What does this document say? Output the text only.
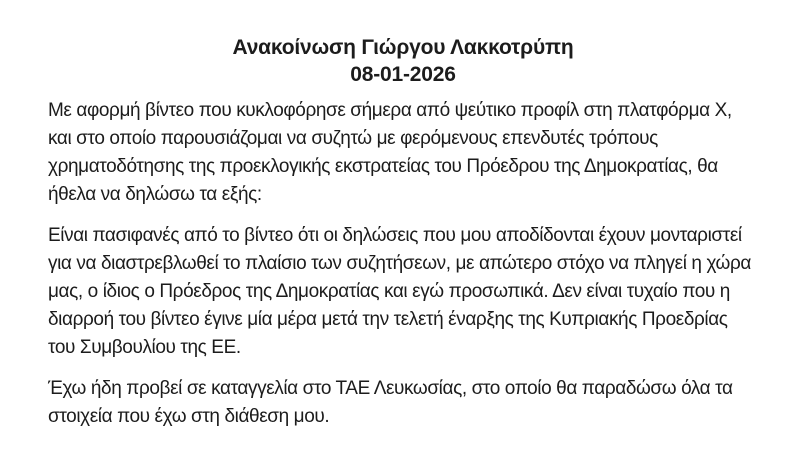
Ανακοίνωση Γιώργου Λακκοτρύπη
08-01-2026

Με αφορμή βίντεο που κυκλοφόρησε σήμερα από ψεύτικο προφίλ στη πλατφόρμα Χ, και στο οποίο παρουσιάζομαι να συζητώ με φερόμενους επενδυτές τρόπους χρηματοδότησης της προεκλογικής εκστρατείας του Πρόεδρου της Δημοκρατίας, θα ήθελα να δηλώσω τα εξής:

Είναι πασιφανές από το βίντεο ότι οι δηλώσεις που μου αποδίδονται έχουν μονταριστεί για να διαστρεβλωθεί το πλαίσιο των συζητήσεων, με απώτερο στόχο να πληγεί η χώρα μας, ο ίδιος ο Πρόεδρος της Δημοκρατίας και εγώ προσωπικά. Δεν είναι τυχαίο που η διαρροή του βίντεο έγινε μία μέρα μετά την τελετή έναρξης της Κυπριακής Προεδρίας του Συμβουλίου της ΕΕ.

Έχω ήδη προβεί σε καταγγελία στο ΤΑΕ Λευκωσίας, στο οποίο θα παραδώσω όλα τα στοιχεία που έχω στη διάθεση μου.
